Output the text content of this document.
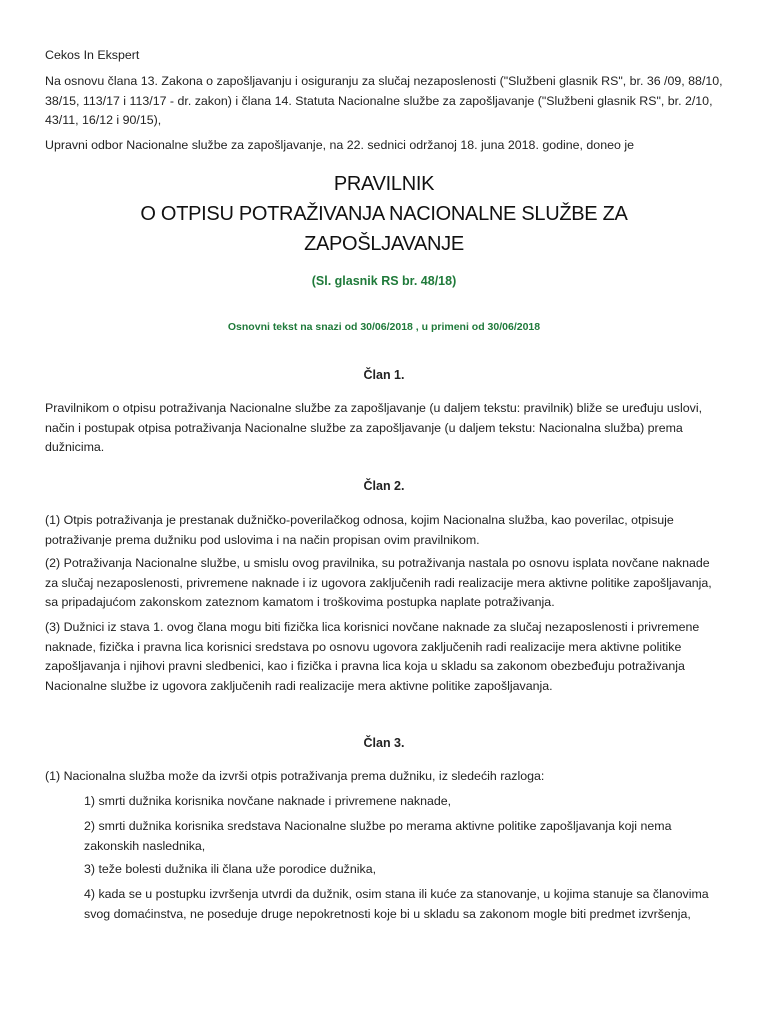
Cekos In Ekspert

Na osnovu člana 13. Zakona o zapošljavanju i osiguranju za slučaj nezaposlenosti ("Službeni glasnik RS", br. 36 /09, 88/10, 38/15, 113/17 i 113/17 - dr. zakon) i člana 14. Statuta Nacionalne službe za zapošljavanje ("Službeni glasnik RS", br. 2/10, 43/11, 16/12 i 90/15),

Upravni odbor Nacionalne službe za zapošljavanje, na 22. sednici održanoj 18. juna 2018. godine, doneo je

PRAVILNIK
O OTPISU POTRAŽIVANJA NACIONALNE SLUŽBE ZA
ZAPOŠLJAVANJE
(Sl. glasnik RS br. 48/18)
Osnovni tekst na snazi od 30/06/2018 , u primeni od 30/06/2018
Član 1.

Pravilnikom o otpisu potraživanja Nacionalne službe za zapošljavanje (u daljem tekstu: pravilnik) bliže se uređuju uslovi, način i postupak otpisa potraživanja Nacionalne službe za zapošljavanje (u daljem tekstu: Nacionalna služba) prema dužnicima.

Član 2.

(1) Otpis potraživanja je prestanak dužničko-poverilačkog odnosa, kojim Nacionalna služba, kao poverilac, otpisuje potraživanje prema dužniku pod uslovima i na način propisan ovim pravilnikom.

(2) Potraživanja Nacionalne službe, u smislu ovog pravilnika, su potraživanja nastala po osnovu isplata novčane naknade za slučaj nezaposlenosti, privremene naknade i iz ugovora zaključenih radi realizacije mera aktivne politike zapošljavanja, sa pripadajućom zakonskom zateznom kamatom i troškovima postupka naplate potraživanja.

(3) Dužnici iz stava 1. ovog člana mogu biti fizička lica korisnici novčane naknade za slučaj nezaposlenosti i privremene naknade, fizička i pravna lica korisnici sredstava po osnovu ugovora zaključenih radi realizacije mera aktivne politike zapošljavanja i njihovi pravni sledbenici, kao i fizička i pravna lica koja u skladu sa zakonom obezbeđuju potraživanja Nacionalne službe iz ugovora zaključenih radi realizacije mera aktivne politike zapošljavanja.

Član 3.

(1) Nacionalna služba može da izvrši otpis potraživanja prema dužniku, iz sledećih razloga:

1) smrti dužnika korisnika novčane naknade i privremene naknade,

2) smrti dužnika korisnika sredstava Nacionalne službe po merama aktivne politike zapošljavanja koji nema zakonskih naslednika,

3) teže bolesti dužnika ili člana uže porodice dužnika,

4) kada se u postupku izvršenja utvrdi da dužnik, osim stana ili kuće za stanovanje, u kojima stanuje sa članovima svog domaćinstva, ne poseduje druge nepokretnosti koje bi u skladu sa zakonom mogle biti predmet izvršenja,
